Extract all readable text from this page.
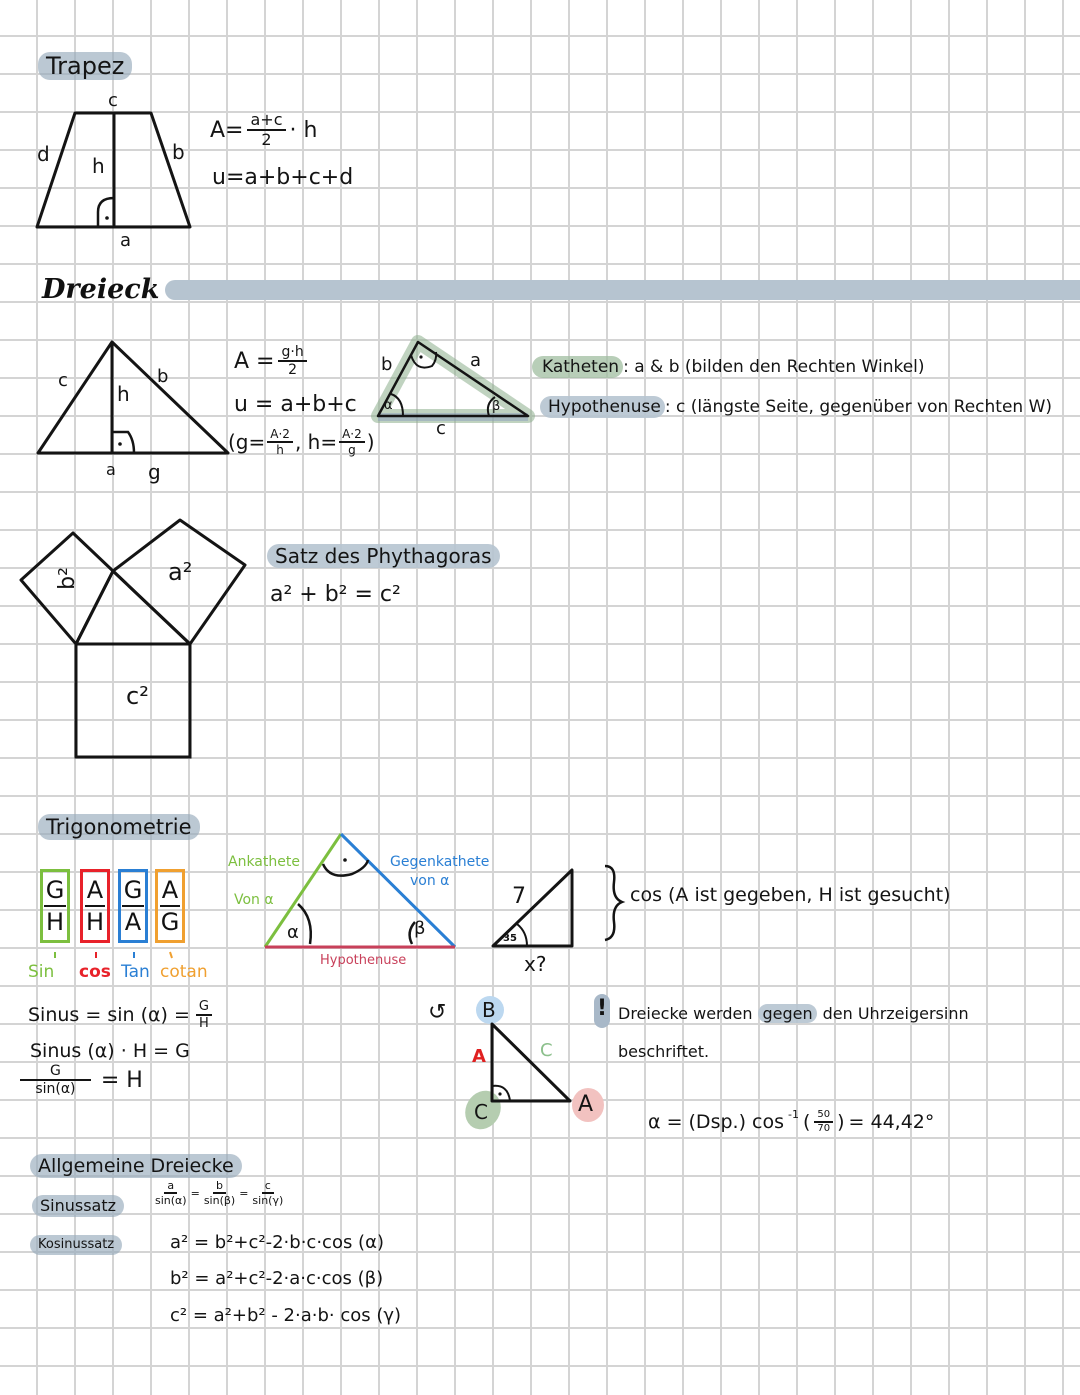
Trapez
c
d h
b
a
$A= \frac{a+c}{2} \cdot h$
u=a+b+c+d
Dreieck
c
h
b
a g
$A = \frac{g\cdot h}{2}$
u = a+b+c
($g= \frac{A\cdot 2}{h}$ , $h= \frac{A\cdot 2}{g}$ )
b	a
c
α	β
Katheten : a & b (bilden den Rechten Winkel)
Hypothenuse : c (längste Seite, gegenüber von Rechten W)
b²	a²
c²
Satz des Phythagoras
a² + b² = c²
Trigonometrie
$\frac{G}{H} \frac{A}{H} \frac{G}{A} \frac{A}{G}$
Sin cos Tan cotan
Ankathete
Von α
Gegenkathete
von α
Hypothenuse
α	β
7
35
x?
cos (A ist gegeben, H ist gesucht)
Sinus = $\sin (\alpha) = \frac{G}{H}$
Sinus (α) · H = G
$\frac{G}{\sin(\alpha)} = H$
↺ B
A
C
A	C
! Dreiecke werden gegen den Uhrzeigersinn
beschriftet.
α = (Dsp.) cos -1 ( $\frac{50}{70}$ ) = 44,42°
Allgemeine Dreiecke
Sinussatz	$\frac{a}{\sin(\alpha)} = \frac{b}{\sin(\beta)} = \frac{c}{\sin(\gamma)}$
Kosinussatz	a² = b²+c²-2·b·c·cos (α)
b² = a²+c²-2·a·c·cos (β)
c² = a²+b² - 2·a·b· cos (γ)
